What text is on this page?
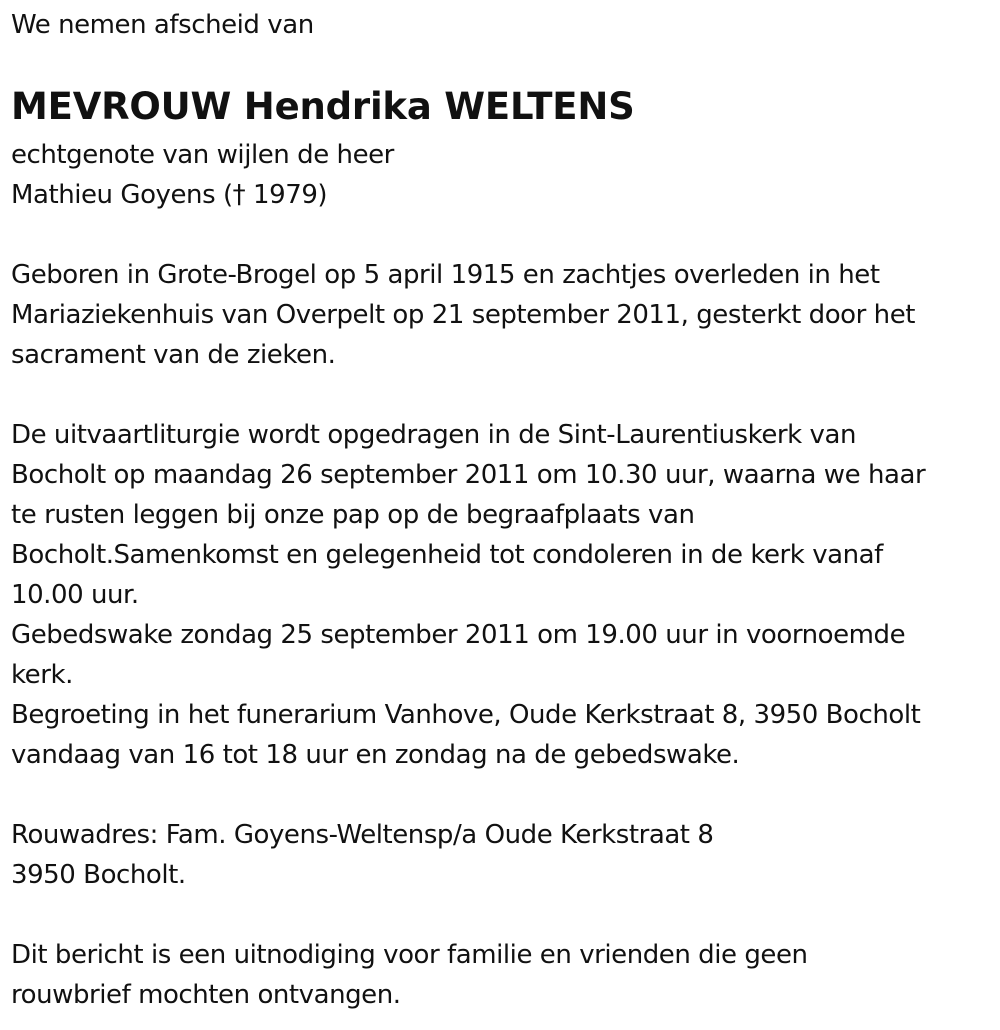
We nemen afscheid van
MEVROUW Hendrika WELTENS
echtgenote van wijlen de heer
Mathieu Goyens († 1979)
Geboren in Grote-Brogel op 5 april 1915 en zachtjes overleden in het
Mariaziekenhuis van Overpelt op 21 september 2011, gesterkt door het
sacrament van de zieken.
De uitvaartliturgie wordt opgedragen in de Sint-Laurentiuskerk van
Bocholt op maandag 26 september 2011 om 10.30 uur, waarna we haar
te rusten leggen bij onze pap op de begraafplaats van
Bocholt.Samenkomst en gelegenheid tot condoleren in de kerk vanaf
10.00 uur.
Gebedswake zondag 25 september 2011 om 19.00 uur in voornoemde
kerk.
Begroeting in het funerarium Vanhove, Oude Kerkstraat 8, 3950 Bocholt
vandaag van 16 tot 18 uur en zondag na de gebedswake.
Rouwadres: Fam. Goyens-Weltensp/a Oude Kerkstraat 8
3950 Bocholt.
Dit bericht is een uitnodiging voor familie en vrienden die geen
rouwbrief mochten ontvangen.
